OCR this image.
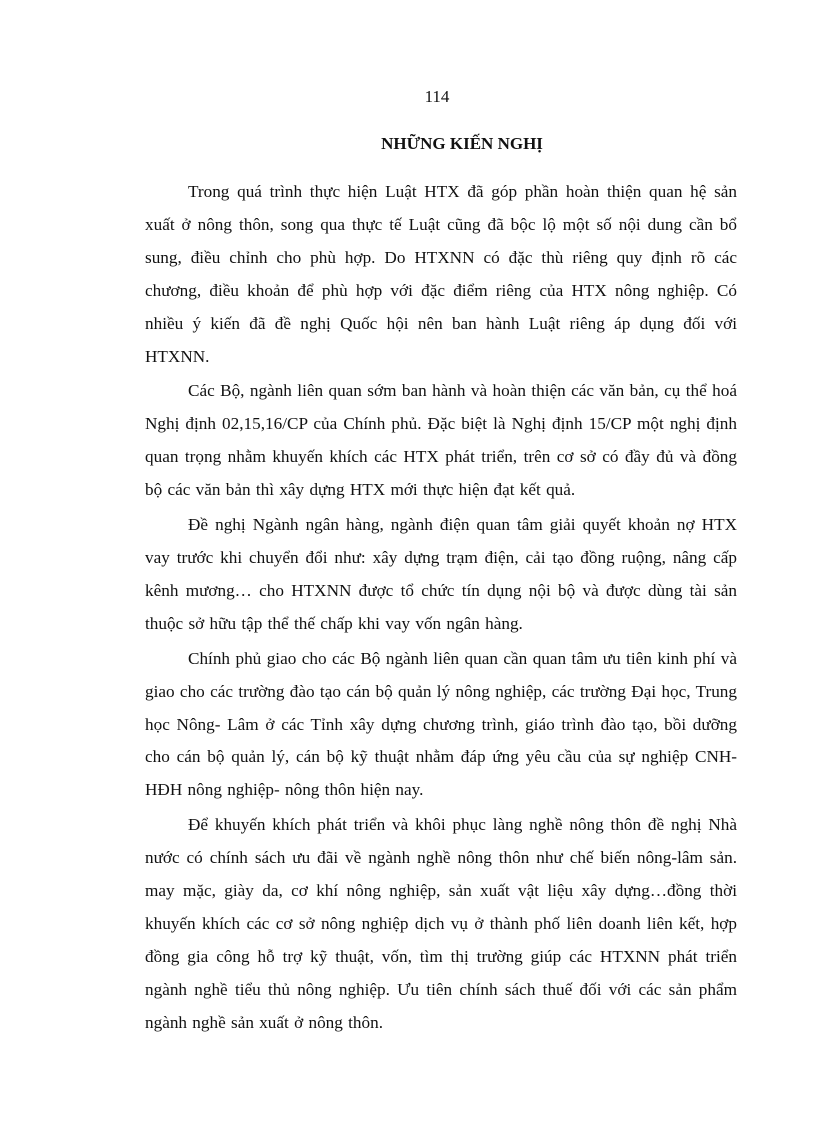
114
NHỮNG KIẾN NGHỊ

Trong quá trình thực hiện Luật HTX đã góp phần hoàn thiện quan hệ sản xuất ở nông thôn, song qua thực tế Luật cũng đã bộc lộ một số nội dung cần bổ sung, điều chỉnh cho phù hợp. Do HTXNN có đặc thù riêng quy định rõ các chương, điều khoản để phù hợp với đặc điểm riêng của HTX nông nghiệp. Có nhiều ý kiến đã đề nghị Quốc hội nên ban hành Luật riêng áp dụng đối với HTXNN.

Các Bộ, ngành liên quan sớm ban hành và hoàn thiện các văn bản, cụ thể hoá Nghị định 02,15,16/CP của Chính phủ. Đặc biệt là Nghị định 15/CP một nghị định quan trọng nhằm khuyến khích các HTX phát triển, trên cơ sở có đầy đủ và đồng bộ các văn bản thì xây dựng HTX mới thực hiện đạt kết quả.

Đề nghị Ngành ngân hàng, ngành điện quan tâm giải quyết khoản nợ HTX vay trước khi chuyển đổi như: xây dựng trạm điện, cải tạo đồng ruộng, nâng cấp kênh mương… cho HTXNN được tổ chức tín dụng nội bộ và được dùng tài sản thuộc sở hữu tập thể thế chấp khi vay vốn ngân hàng.

Chính phủ giao cho các Bộ ngành liên quan cần quan tâm ưu tiên kinh phí và giao cho các trường đào tạo cán bộ quản lý nông nghiệp, các trường Đại học, Trung học Nông- Lâm ở các Tỉnh xây dựng chương trình, giáo trình đào tạo, bồi dưỡng cho cán bộ quản lý, cán bộ kỹ thuật nhằm đáp ứng yêu cầu của sự nghiệp CNH-HĐH nông nghiệp- nông thôn hiện nay.

Để khuyến khích phát triển và khôi phục làng nghề nông thôn đề nghị Nhà nước có chính sách ưu đãi về ngành nghề nông thôn như chế biến nông-lâm sản. may mặc, giày da, cơ khí nông nghiệp, sản xuất vật liệu xây dựng…đồng thời khuyến khích các cơ sở nông nghiệp dịch vụ ở thành phố liên doanh liên kết, hợp đồng gia công hỗ trợ kỹ thuật, vốn, tìm thị trường giúp các HTXNN phát triển ngành nghề tiểu thủ nông nghiệp. Ưu tiên chính sách thuế đối với các sản phẩm ngành nghề sản xuất ở nông thôn.
